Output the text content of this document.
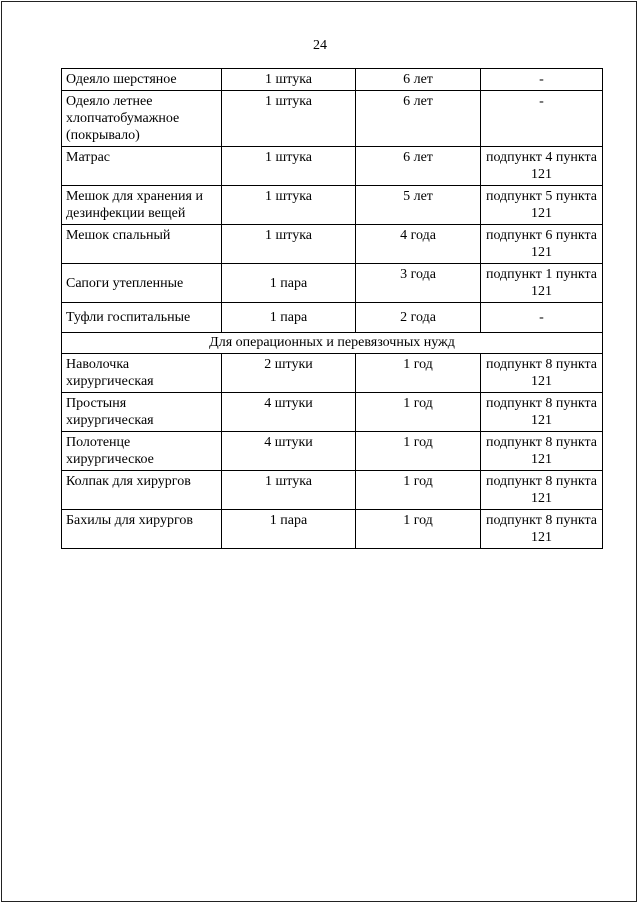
24
Одеяло шерстяное	1 штука	6 лет	-
Одеяло летнее хлопчатобумажное (покрывало)	1 штука	6 лет	-
Матрас	1 штука	6 лет	подпункт 4 пункта 121
Мешок для хранения и дезинфекции вещей	1 штука	5 лет	подпункт 5 пункта 121
Мешок спальный	1 штука	4 года	подпункт 6 пункта 121
Сапоги утепленные	1 пара	3 года	подпункт 1 пункта 121
Туфли госпитальные	1 пара	2 года	-
Для операционных и перевязочных нужд			
Наволочка хирургическая	2 штуки	1 год	подпункт 8 пункта 121
Простыня хирургическая	4 штуки	1 год	подпункт 8 пункта 121
Полотенце хирургическое	4 штуки	1 год	подпункт 8 пункта 121
Колпак для хирургов	1 штука	1 год	подпункт 8 пункта 121
Бахилы для хирургов	1 пара	1 год	подпункт 8 пункта 121
